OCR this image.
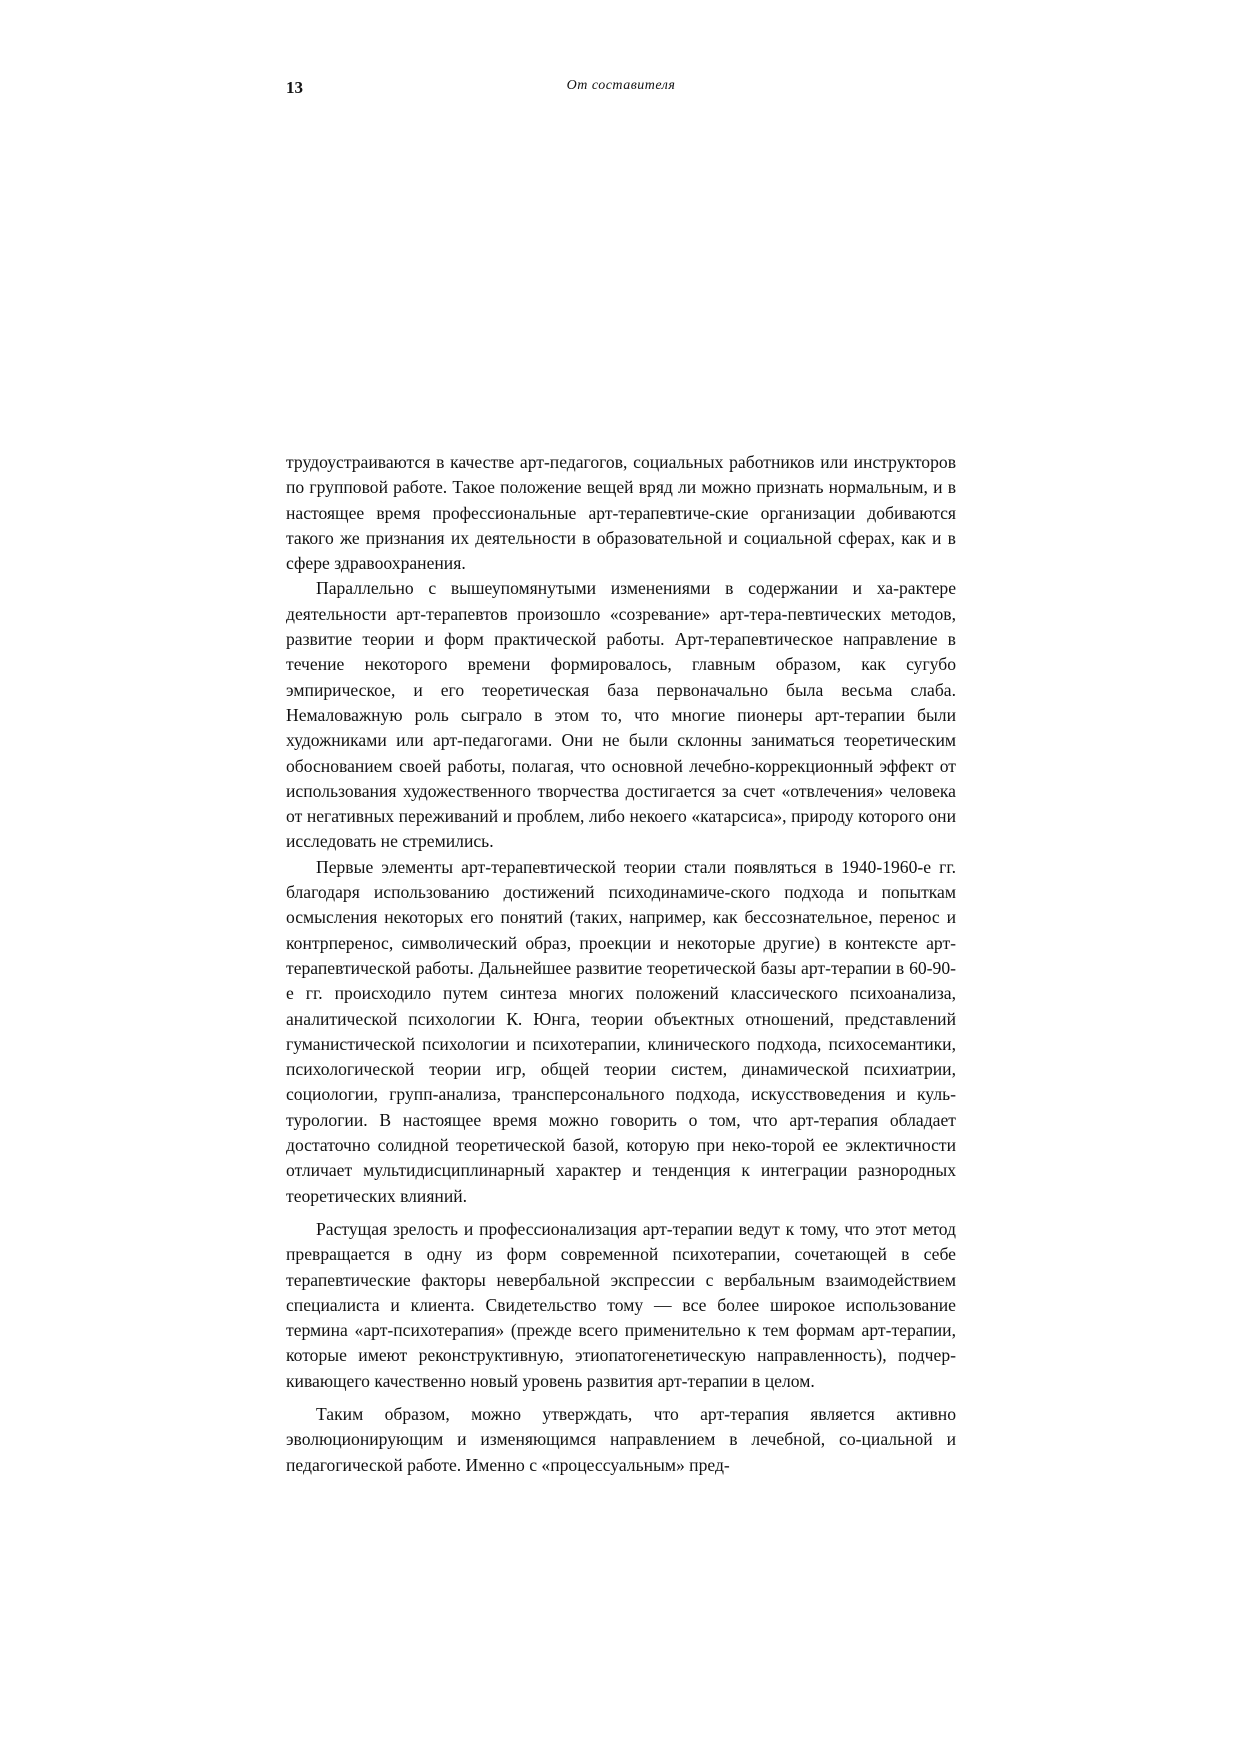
13	От составителя

трудоустраиваются в качестве арт-педагогов, социальных работников или инструкторов по групповой работе. Такое положение вещей вряд ли можно признать нормальным, и в настоящее время профессиональные арт-терапевтиче-ские организации добиваются такого же признания их деятельности в образовательной и социальной сферах, как и в сфере здравоохранения.

Параллельно с вышеупомянутыми изменениями в содержании и ха-рактере деятельности арт-терапевтов произошло «созревание» арт-тера-певтических методов, развитие теории и форм практической работы. Арт-терапевтическое направление в течение некоторого времени формировалось, главным образом, как сугубо эмпирическое, и его теоретическая база первоначально была весьма слаба. Немаловажную роль сыграло в этом то, что многие пионеры арт-терапии были художниками или арт-педагогами. Они не были склонны заниматься теоретическим обоснованием своей работы, полагая, что основной лечебно-коррекционный эффект от использования художественного творчества достигается за счет «отвлечения» человека от негативных переживаний и проблем, либо некоего «катарсиса», природу которого они исследовать не стремились.

Первые элементы арт-терапевтической теории стали появляться в 1940-1960-е гг. благодаря использованию достижений психодинамиче-ского подхода и попыткам осмысления некоторых его понятий (таких, например, как бессознательное, перенос и контрперенос, символический образ, проекции и некоторые другие) в контексте арт-терапевтической работы. Дальнейшее развитие теоретической базы арт-терапии в 60-90-е гг. происходило путем синтеза многих положений классического психоанализа, аналитической психологии К. Юнга, теории объектных отношений, представлений гуманистической психологии и психотерапии, клинического подхода, психосемантики, психологической теории игр, общей теории систем, динамической психиатрии, социологии, групп-анализа, трансперсонального подхода, искусствоведения и куль-турологии. В настоящее время можно говорить о том, что арт-терапия обладает достаточно солидной теоретической базой, которую при неко-торой ее эклектичности отличает мультидисциплинарный характер и тенденция к интеграции разнородных теоретических влияний.

Растущая зрелость и профессионализация арт-терапии ведут к тому, что этот метод превращается в одну из форм современной психотерапии, сочетающей в себе терапевтические факторы невербальной экспрессии с вербальным взаимодействием специалиста и клиента. Свидетельство тому — все более широкое использование термина «арт-психотерапия» (прежде всего применительно к тем формам арт-терапии, которые имеют реконструктивную, этиопатогенетическую направленность), подчер-кивающего качественно новый уровень развития арт-терапии в целом.

Таким образом, можно утверждать, что арт-терапия является активно эволюционирующим и изменяющимся направлением в лечебной, со-циальной и педагогической работе. Именно с «процессуальным» пред-
